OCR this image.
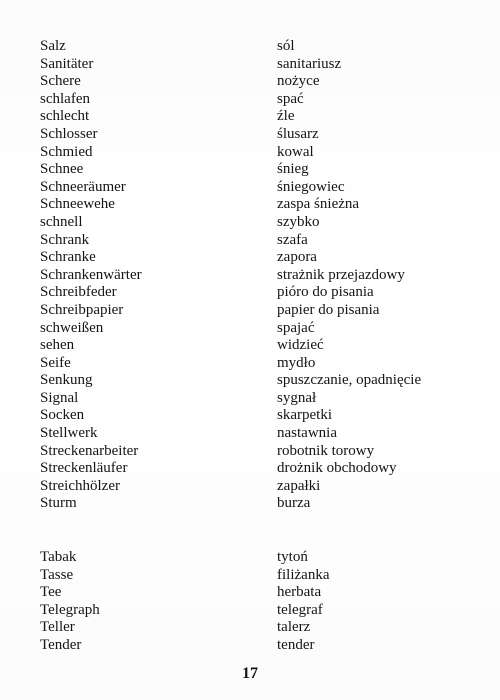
Salz	sól
Sanitäter	sanitariusz
Schere	nożyce
schlafen	spać
schlecht	źle
Schlosser	ślusarz
Schmied	kowal
Schnee	śnieg
Schneeräumer	śniegowiec
Schneewehe	zaspa śnieżna
schnell	szybko
Schrank	szafa
Schranke	zapora
Schrankenwärter	strażnik przejazdowy
Schreibfeder	pióro do pisania
Schreibpapier	papier do pisania
schweißen	spajać
sehen	widzieć
Seife	mydło
Senkung	spuszczanie, opadnięcie
Signal	sygnał
Socken	skarpetki
Stellwerk	nastawnia
Streckenarbeiter	robotnik torowy
Streckenläufer	drożnik obchodowy
Streichhölzer	zapałki
Sturm	burza
Tabak	tytoń
Tasse	filiżanka
Tee	herbata
Telegraph	telegraf
Teller	talerz
Tender	tender
17
